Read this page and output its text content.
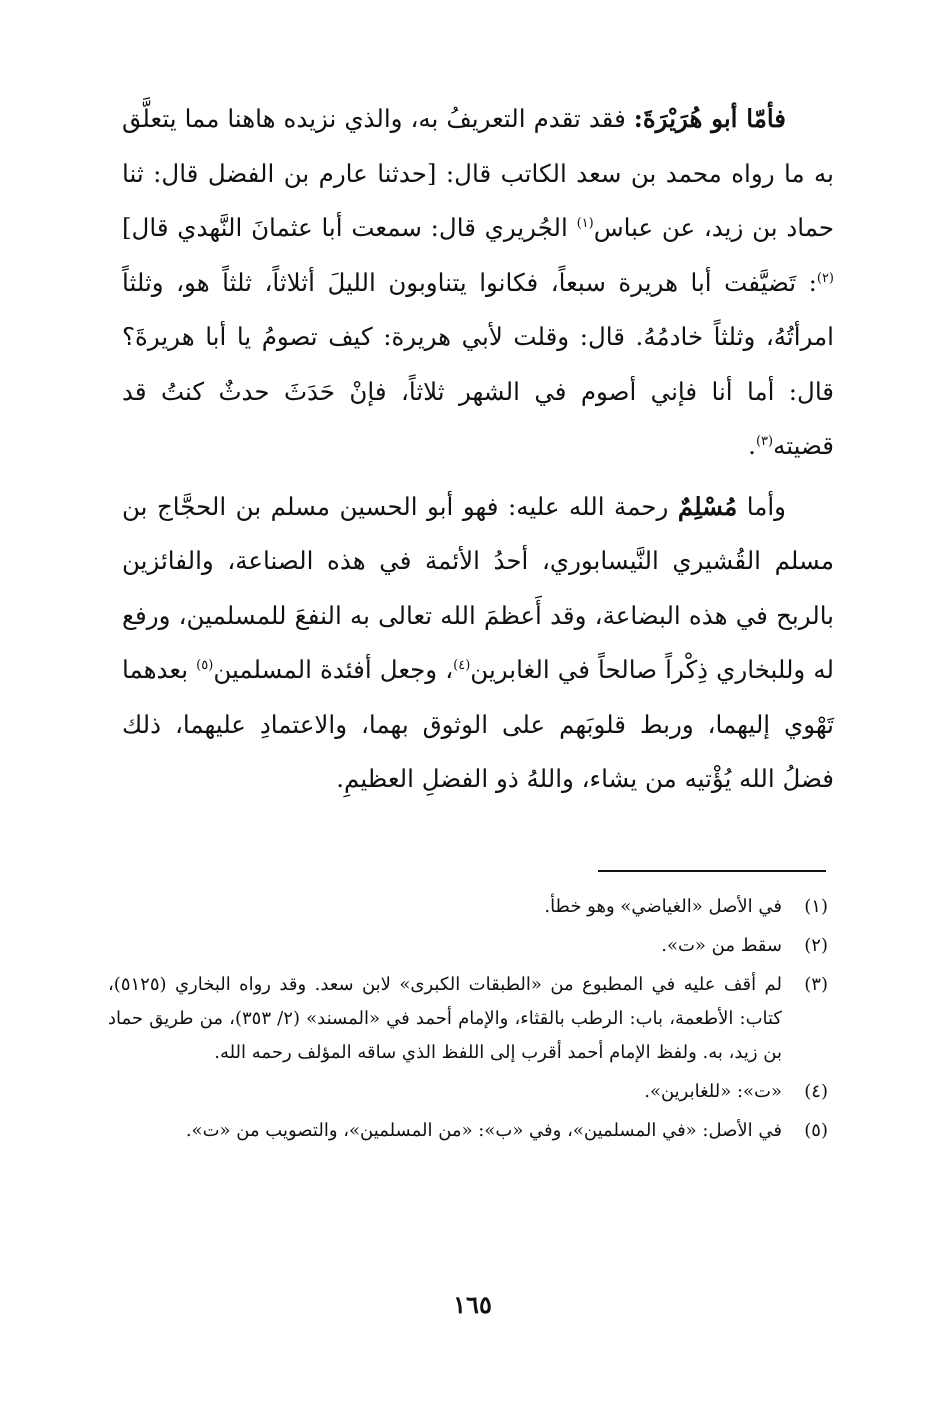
فأمّا أبو هُرَيْرَةَ: فقد تقدم التعريفُ به، والذي نزيده هاهنا مما يتعلَّق به ما رواه محمد بن سعد الكاتب قال: [حدثنا عارم بن الفضل قال: ثنا حماد بن زيد، عن عباس$^{(١)}$ الجُريري قال: سمعت أبا عثمانَ النَّهدي قال]$^{(٢)}$: تَضيَّفت أبا هريرة سبعاً، فكانوا يتناوبون الليلَ أثلاثاً، ثلثاً هو، وثلثاً امرأتُهُ، وثلثاً خادمُهُ. قال: وقلت لأبي هريرة: كيف تصومُ يا أبا هريرةَ؟ قال: أما أنا فإني أصوم في الشهر ثلاثاً، فإنْ حَدَثَ حدثٌ كنتُ قد قضيته$^{(٣)}$.

وأما مُسْلِمٌ رحمة الله عليه: فهو أبو الحسين مسلم بن الحجَّاج بن مسلم القُشيري النَّيسابوري، أحدُ الأئمة في هذه الصناعة، والفائزين بالربح في هذه البضاعة، وقد أَعظمَ الله تعالى به النفعَ للمسلمين، ورفع له وللبخاري ذِكْراً صالحاً في الغابرين$^{(٤)}$، وجعل أفئدة المسلمين$^{(٥)}$ بعدهما تَهْوي إليهما، وربط قلوبَهم على الوثوق بهما، والاعتمادِ عليهما، ذلك فضلُ الله يُؤْتيه من يشاء، واللهُ ذو الفضلِ العظيمِ.

(١)
في الأصل «الغياضي» وهو خطأ.
(٢)
سقط من «ت».
(٣)
لم أقف عليه في المطبوع من «الطبقات الكبرى» لابن سعد. وقد رواه البخاري (٥١٢٥)، كتاب: الأطعمة، باب: الرطب بالقثاء، والإمام أحمد في «المسند» (٢/ ٣٥٣)، من طريق حماد بن زيد، به. ولفظ الإمام أحمد أقرب إلى اللفظ الذي ساقه المؤلف رحمه الله.
(٤)
«ت»: «للغابرين».
(٥)
في الأصل: «في المسلمين»، وفي «ب»: «من المسلمين»، والتصويب من «ت».
١٦٥
